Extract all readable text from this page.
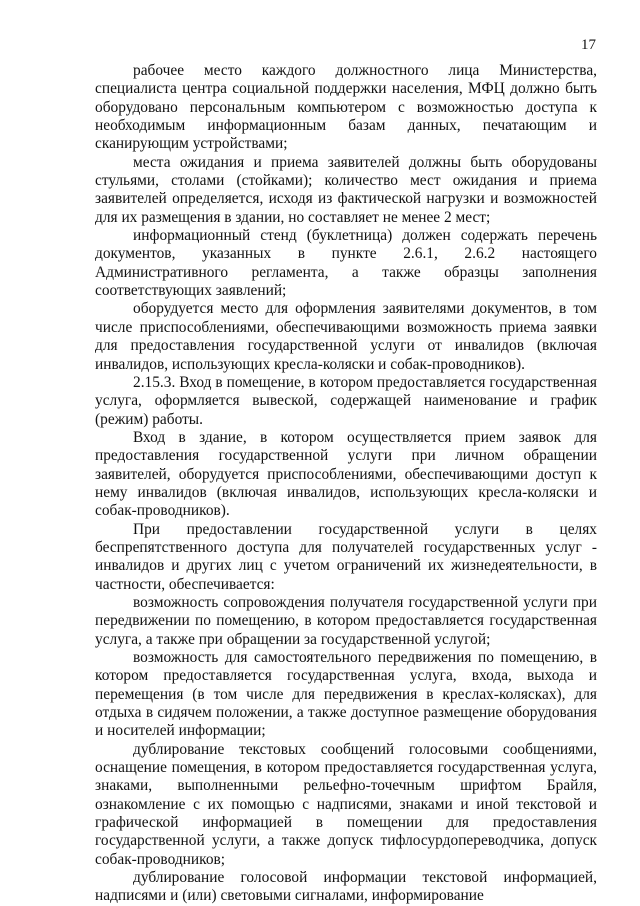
17

рабочее место каждого должностного лица Министерства, специалиста центра социальной поддержки населения, МФЦ должно быть оборудовано персональным компьютером с возможностью доступа к необходимым информационным базам данных, печатающим и сканирующим устройствами;

места ожидания и приема заявителей должны быть оборудованы стульями, столами (стойками); количество мест ожидания и приема заявителей определяется, исходя из фактической нагрузки и возможностей для их размещения в здании, но составляет не менее 2 мест;

информационный стенд (буклетница) должен содержать перечень документов, указанных в пункте 2.6.1, 2.6.2 настоящего Административного регламента, а также образцы заполнения соответствующих заявлений;

оборудуется место для оформления заявителями документов, в том числе приспособлениями, обеспечивающими возможность приема заявки для предоставления государственной услуги от инвалидов (включая инвалидов, использующих кресла-коляски и собак-проводников).

2.15.3. Вход в помещение, в котором предоставляется государственная услуга, оформляется вывеской, содержащей наименование и график (режим) работы.

Вход в здание, в котором осуществляется прием заявок для предоставления государственной услуги при личном обращении заявителей, оборудуется приспособлениями, обеспечивающими доступ к нему инвалидов (включая инвалидов, использующих кресла-коляски и собак-проводников).

При предоставлении государственной услуги в целях беспрепятственного доступа для получателей государственных услуг - инвалидов и других лиц с учетом ограничений их жизнедеятельности, в частности, обеспечивается:

возможность сопровождения получателя государственной услуги при передвижении по помещению, в котором предоставляется государственная услуга, а также при обращении за государственной услугой;

возможность для самостоятельного передвижения по помещению, в котором предоставляется государственная услуга, входа, выхода и перемещения (в том числе для передвижения в креслах-колясках), для отдыха в сидячем положении, а также доступное размещение оборудования и носителей информации;

дублирование текстовых сообщений голосовыми сообщениями, оснащение помещения, в котором предоставляется государственная услуга, знаками, выполненными рельефно-точечным шрифтом Брайля, ознакомление с их помощью с надписями, знаками и иной текстовой и графической информацией в помещении для предоставления государственной услуги, а также допуск тифлосурдопереводчика, допуск собак-проводников;

дублирование голосовой информации текстовой информацией, надписями и (или) световыми сигналами, информирование
